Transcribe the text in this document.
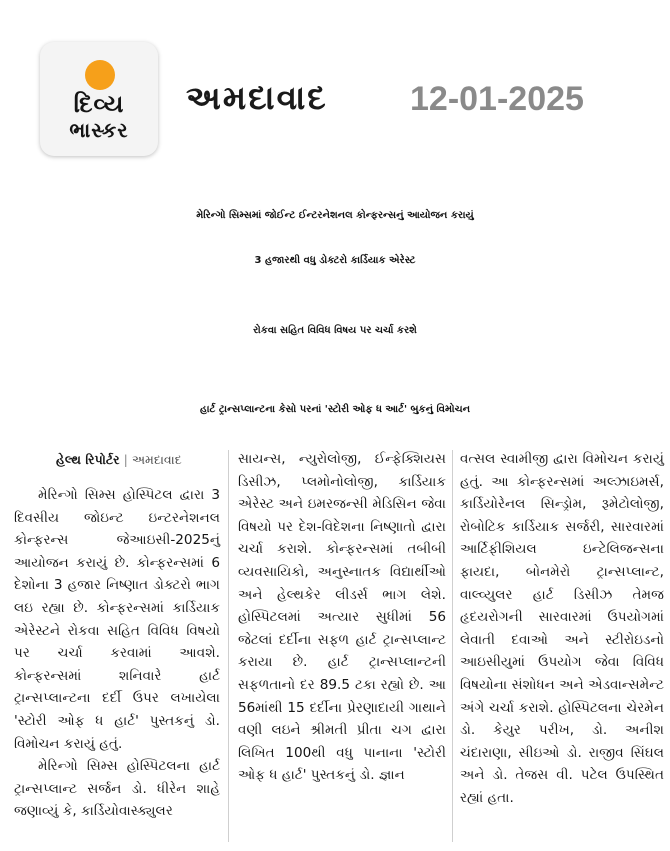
દિવ્ય
ભાસ્કર
અમદાવાદ 12-01-2025
મેરિન્ગો સિમ્સમાં જોઈન્ટ ઈન્ટરનેશનલ કોન્ફરન્સનું આયોજન કરાયું
3 હજારથી વધુ ડોક્ટરો કાર્ડિયાક એરેસ્ટ
રોકવા સહિત વિવિધ વિષય પર ચર્ચા કરશે
હાર્ટ ટ્રાન્સપ્લાન્ટના કેસો પરનાં 'સ્ટોરી ઓફ ધ આર્ટ' બુકનું વિમોચન
હેલ્થ રિપોર્ટર | અમદાવાદ

મેરિન્ગો સિમ્સ હોસ્પિટલ દ્વારા 3 દિવસીય જોઇન્ટ ઇન્ટરનેશનલ કોન્ફરન્સ જેઆઇસી-2025નું આયોજન કરાયું છે. કોન્ફરન્સમાં 6 દેશોના 3 હજાર નિષ્ણાત ડોક્ટરો ભાગ લઇ રહ્યા છે. કોન્ફરન્સમાં કાર્ડિયાક એરેસ્ટને રોકવા સહિત વિવિધ વિષયો પર ચર્ચા કરવામાં આવશે. કોન્ફરન્સમાં શનિવારે હાર્ટ ટ્રાન્સપ્લાન્ટના દર્દી ઉપર લખાયેલા 'સ્ટોરી ઓફ ધ હાર્ટ' પુસ્તકનું ડો. વિમોચન કરાયું હતું.

મેરિન્ગો સિમ્સ હોસ્પિટલના હાર્ટ ટ્રાન્સપ્લાન્ટ સર્જન ડો. ધીરેન શાહે જણાવ્યું કે, કાર્ડિયોવાસ્ક્યુલર

સાયન્સ, ન્યુરોલોજી, ઈન્ફેક્શિયસ ડિસીઝ, પ્લમોનોલોજી, કાર્ડિયાક એરેસ્ટ અને ઇમરજન્સી મેડિસિન જેવા વિષયો પર દેશ-વિદેશના નિષ્ણાતો દ્વારા ચર્ચા કરાશે. કોન્ફરન્સમાં તબીબી વ્યવસાયિકો, અનુસ્નાતક વિદ્યાર્થીઓ અને હેલ્થકેર લીડર્સ ભાગ લેશે. હોસ્પિટલમાં અત્યાર સુધીમાં 56 જેટલાં દર્દીના સફળ હાર્ટ ટ્રાન્સપ્લાન્ટ કરાયા છે. હાર્ટ ટ્રાન્સપ્લાન્ટની સફળતાનો દર 89.5 ટકા રહ્યો છે. આ 56માંથી 15 દર્દીના પ્રેરણાદાયી ગાથાને વણી લઇને શ્રીમતી પ્રીતા ચગ દ્વારા લિખિત 100થી વધુ પાનાના 'સ્ટોરી ઓફ ધ હાર્ટ' પુસ્તકનું ડો. જ્ઞાન

વત્સલ સ્વામીજી દ્વારા વિમોચન કરાયું હતું. આ કોન્ફરન્સમાં અલ્ઝાઇમર્સ, કાર્ડિયોરેનલ સિન્ડ્રોમ, રૂમેટોલોજી, રોબોટિક કાર્ડિયાક સર્જરી, સારવારમાં આર્ટિફીશિયલ ઇન્ટેલિજન્સના ફાયદા, બોનમેરો ટ્રાન્સપ્લાન્ટ, વાલ્વ્યુલર હાર્ટ ડિસીઝ તેમજ હૃદયરોગની સારવારમાં ઉપયોગમાં લેવાતી દવાઓ અને સ્ટીરોઇડનો આઇસીયુમાં ઉપયોગ જેવા વિવિધ વિષયોના સંશોધન અને એડવાન્સમેન્ટ અંગે ચર્ચા કરાશે. હોસ્પિટલના ચેરમેન ડો. કેયુર પરીખ, ડો. અનીશ ચંદારાણા, સીઇઓ ડો. રાજીવ સિંઘલ અને ડો. તેજસ વી. પટેલ ઉપસ્થિત રહ્યાં હતા.
